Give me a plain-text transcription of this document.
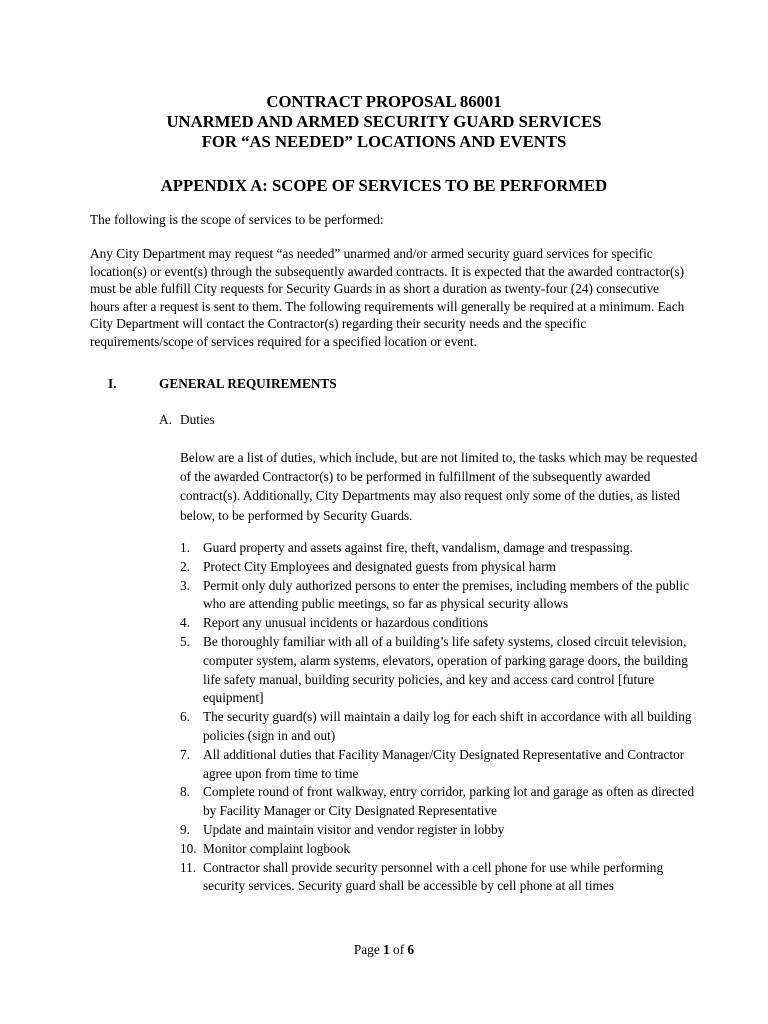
CONTRACT PROPOSAL 86001
UNARMED AND ARMED SECURITY GUARD SERVICES
FOR “AS NEEDED” LOCATIONS AND EVENTS
APPENDIX A: SCOPE OF SERVICES TO BE PERFORMED

The following is the scope of services to be performed:

Any City Department may request “as needed” unarmed and/or armed security guard services for specific location(s) or event(s) through the subsequently awarded contracts. It is expected that the awarded contractor(s) must be able fulfill City requests for Security Guards in as short a duration as twenty-four (24) consecutive hours after a request is sent to them. The following requirements will generally be required at a minimum. Each City Department will contact the Contractor(s) regarding their security needs and the specific requirements/scope of services required for a specified location or event.

I.	GENERAL REQUIREMENTS
A. Duties

Below are a list of duties, which include, but are not limited to, the tasks which may be requested of the awarded Contractor(s) to be performed in fulfillment of the subsequently awarded contract(s). Additionally, City Departments may also request only some of the duties, as listed below, to be performed by Security Guards.

1. Guard property and assets against fire, theft, vandalism, damage and trespassing.
2. Protect City Employees and designated guests from physical harm
3. Permit only duly authorized persons to enter the premises, including members of the public who are attending public meetings, so far as physical security allows
4. Report any unusual incidents or hazardous conditions
5. Be thoroughly familiar with all of a building’s life safety systems, closed circuit television, computer system, alarm systems, elevators, operation of parking garage doors, the building life safety manual, building security policies, and key and access card control [future equipment]
6. The security guard(s) will maintain a daily log for each shift in accordance with all building policies (sign in and out)
7. All additional duties that Facility Manager/City Designated Representative and Contractor agree upon from time to time
8. Complete round of front walkway, entry corridor, parking lot and garage as often as directed by Facility Manager or City Designated Representative
9. Update and maintain visitor and vendor register in lobby
10. Monitor complaint logbook
11. Contractor shall provide security personnel with a cell phone for use while performing security services. Security guard shall be accessible by cell phone at all times
Page 1 of 6
